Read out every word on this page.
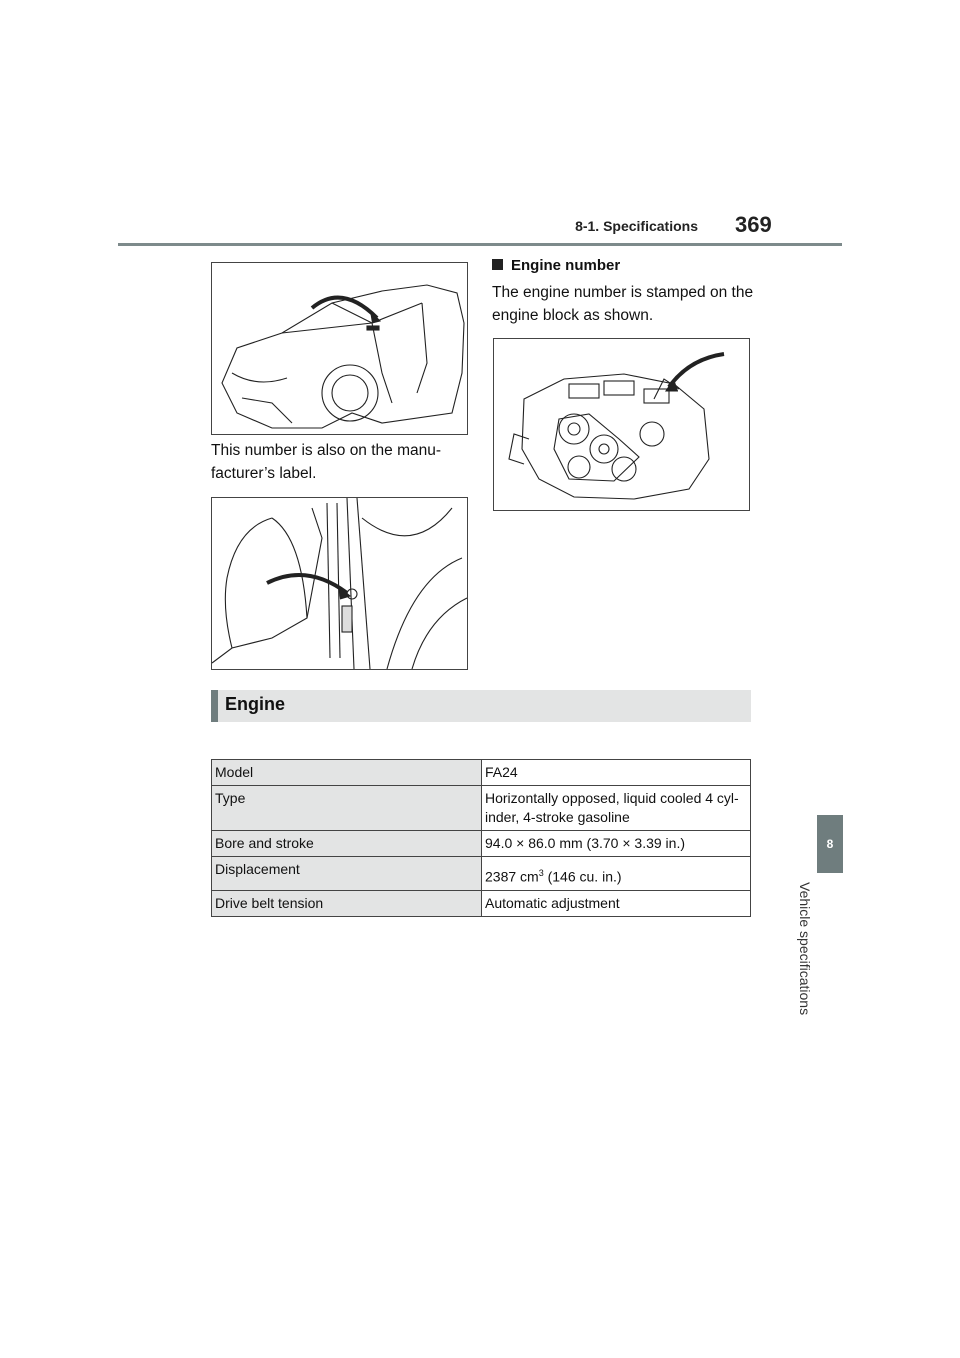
8-1. Specifications 369
8
Vehicle specifications
This number is also on the manu-facturer’s label.
Engine number
The engine number is stamped on the engine block as shown.
Engine
Model	FA24
Type	Horizontally opposed, liquid cooled 4 cyl-inder, 4-stroke gasoline
Bore and stroke	94.0 × 86.0 mm (3.70 × 3.39 in.)
Displacement	2387 $cm^3$ (146 cu. in.)
Drive belt tension	Automatic adjustment
